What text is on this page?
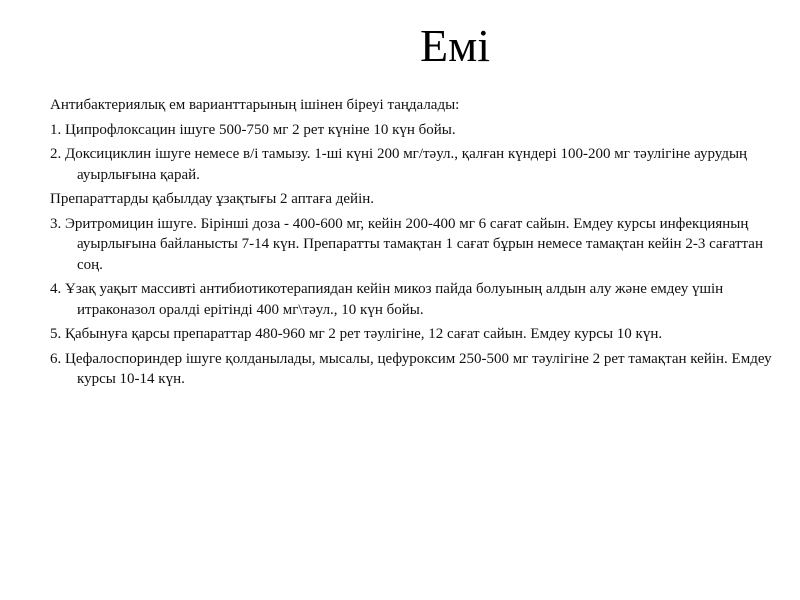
Емі

Антибактериялық ем варианттарының ішінен біреуі таңдалады:

1. Ципрофлоксацин ішуге 500-750 мг 2 рет күніне 10 күн бойы.

2. Доксициклин ішуге немесе в/і тамызу. 1-ші күні 200 мг/тәул., қалған күндері 100-200 мг тәулігіне аурудың ауырлығына қарай.

Препараттарды қабылдау ұзақтығы 2 аптаға дейін.

3. Эритромицин ішуге. Бірінші доза - 400-600 мг, кейін 200-400 мг 6 сағат сайын. Емдеу курсы инфекцияның ауырлығына байланысты 7-14 күн. Препаратты тамақтан 1 сағат бұрын немесе тамақтан кейін 2-3 сағаттан соң.

4. Ұзақ уақыт массивті антибиотикотерапиядан кейін микоз пайда болуының алдын алу және емдеу үшін итраконазол оралді ерітінді 400 мг\тәул., 10 күн бойы.

5. Қабынуға қарсы препараттар 480-960 мг 2 рет тәулігіне, 12 сағат сайын. Емдеу курсы 10 күн.

6. Цефалоспориндер ішуге қолданылады, мысалы, цефуроксим 250-500 мг тәулігіне 2 рет тамақтан кейін. Емдеу курсы 10-14 күн.
